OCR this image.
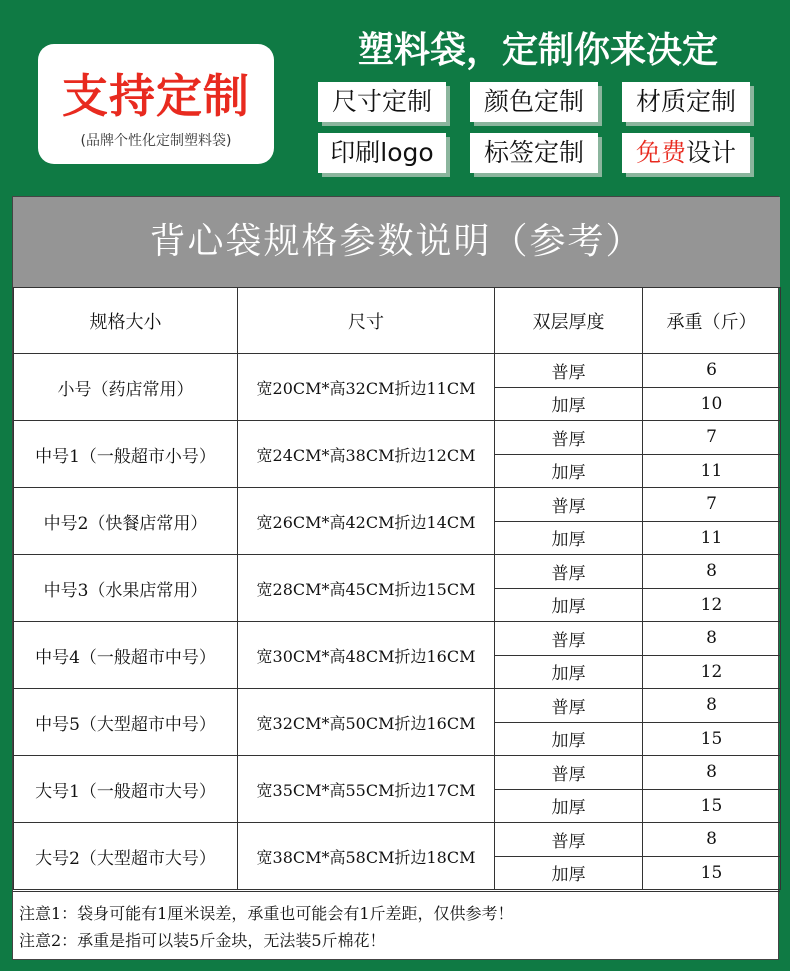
支持定制
(品牌个性化定制塑料袋)
塑料袋，定制你来决定
尺寸定制	颜色定制	材质定制
印刷logo	标签定制	免费设计
背心袋规格参数说明（参考）
规格大小	尺寸	双层厚度	承重（斤）
小号（药店常用）	宽20CM*高32CM折边11CM	普厚	6
		加厚	10
中号1（一般超市小号）	宽24CM*高38CM折边12CM	普厚	7
		加厚	11
中号2（快餐店常用）	宽26CM*高42CM折边14CM	普厚	7
		加厚	11
中号3（水果店常用）	宽28CM*高45CM折边15CM	普厚	8
		加厚	12
中号4（一般超市中号）	宽30CM*高48CM折边16CM	普厚	8
		加厚	12
中号5（大型超市中号）	宽32CM*高50CM折边16CM	普厚	8
		加厚	15
大号1（一般超市大号）	宽35CM*高55CM折边17CM	普厚	8
		加厚	15
大号2（大型超市大号）	宽38CM*高58CM折边18CM	普厚	8
		加厚	15
注意1：袋身可能有1厘米误差，承重也可能会有1斤差距，仅供参考！
注意2：承重是指可以装5斤金块，无法装5斤棉花！
